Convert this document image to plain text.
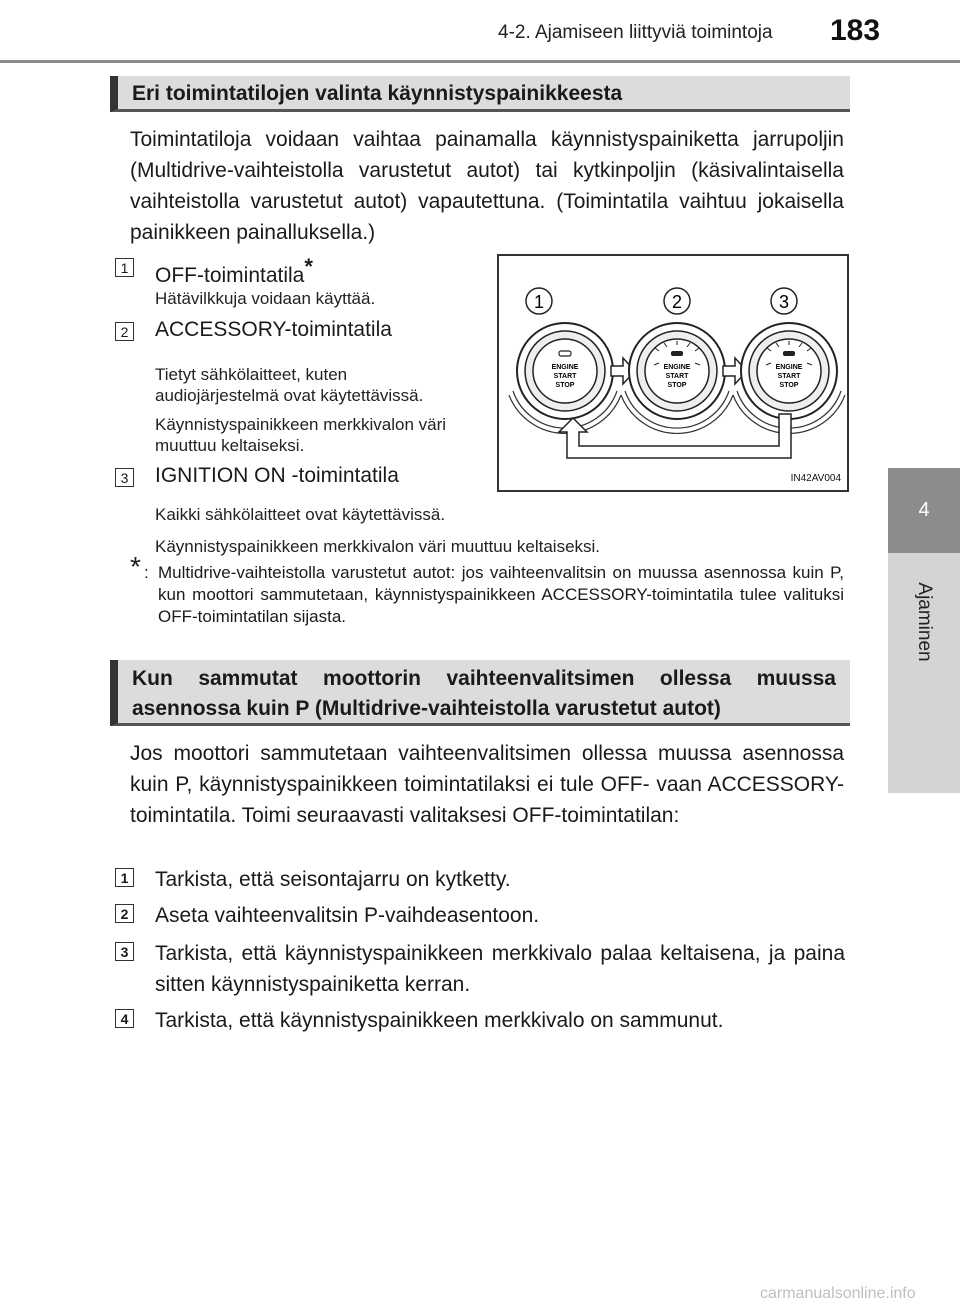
4-2. Ajamiseen liittyviä toimintoja 183
4
Ajaminen
Eri toimintatilojen valinta käynnistyspainikkeesta
Toimintatiloja voidaan vaihtaa painamalla käynnistyspainiketta jarrupoljin (Multidrive-vaihteistolla varustetut autot) tai kytkinpoljin (käsivalintaisella vaihteistolla varustetut autot) vapautettuna. (Toimintatila vaihtuu jokaisella painikkeen painalluksella.)
1 OFF-toimintatila*
Hätävilkkuja voidaan käyttää.
2 ACCESSORY-toimintatila
Tietyt sähkölaitteet, kuten audiojärjestelmä ovat käytettävissä.
Käynnistyspainikkeen merkkivalon väri muuttuu keltaiseksi.
3 IGNITION ON -toimintatila
Kaikki sähkölaitteet ovat käytettävissä.
Käynnistyspainikkeen merkkivalon väri muuttuu keltaiseksi.
1	2	3
ENGINE
START
STOP
ENGINE
START
STOP
ENGINE
START
STOP
IN42AV004
* : Multidrive-vaihteistolla varustetut autot: jos vaihteenvalitsin on muussa asennossa kuin P, kun moottori sammutetaan, käynnistyspainikkeen ACCESSORY-toimintatila tulee valituksi OFF-toimintatilan sijasta.
Kun sammutat moottorin vaihteenvalitsimen ollessa muussa asennossa kuin P (Multidrive-vaihteistolla varustetut autot)
Jos moottori sammutetaan vaihteenvalitsimen ollessa muussa asennossa kuin P, käynnistyspainikkeen toimintatilaksi ei tule OFF- vaan ACCESSORY-toimintatila. Toimi seuraavasti valitaksesi OFF-toimintatilan:
1 Tarkista, että seisontajarru on kytketty.
2 Aseta vaihteenvalitsin P-vaihdeasentoon.
3 Tarkista, että käynnistyspainikkeen merkkivalo palaa keltaisena, ja paina sitten käynnistyspainiketta kerran.
4 Tarkista, että käynnistyspainikkeen merkkivalo on sammunut.
carmanualsonline.info
